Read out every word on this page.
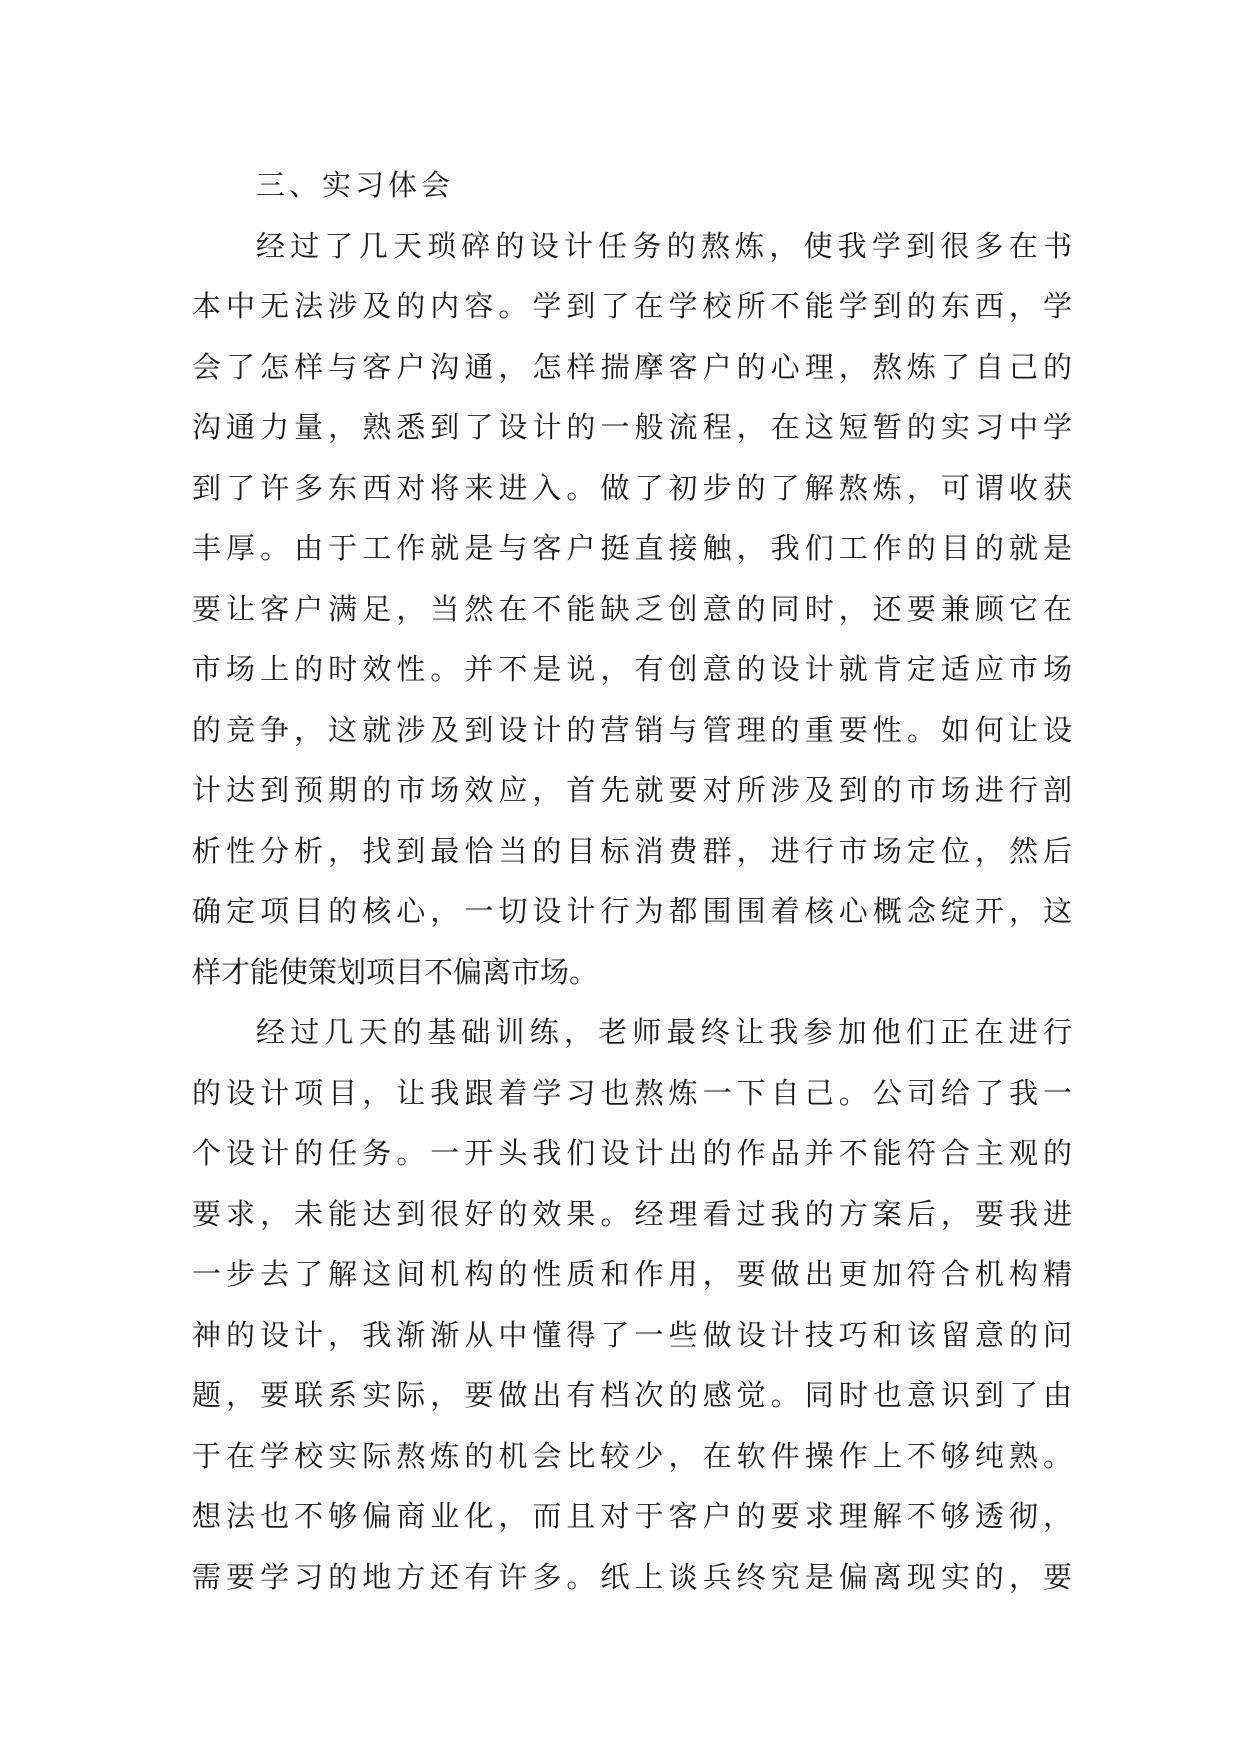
三、实习体会
经过了几天琐碎的设计任务的熬炼，使我学到很多在书
本中无法涉及的内容。学到了在学校所不能学到的东西，学
会了怎样与客户沟通，怎样揣摩客户的心理，熬炼了自己的
沟通力量，熟悉到了设计的一般流程，在这短暂的实习中学
到了许多东西对将来进入。做了初步的了解熬炼，可谓收获
丰厚。由于工作就是与客户挺直接触，我们工作的目的就是
要让客户满足，当然在不能缺乏创意的同时，还要兼顾它在
市场上的时效性。并不是说，有创意的设计就肯定适应市场
的竞争，这就涉及到设计的营销与管理的重要性。如何让设
计达到预期的市场效应，首先就要对所涉及到的市场进行剖
析性分析，找到最恰当的目标消费群，进行市场定位，然后
确定项目的核心，一切设计行为都围围着核心概念绽开，这
样才能使策划项目不偏离市场。
经过几天的基础训练，老师最终让我参加他们正在进行
的设计项目，让我跟着学习也熬炼一下自己。公司给了我一
个设计的任务。一开头我们设计出的作品并不能符合主观的
要求，未能达到很好的效果。经理看过我的方案后，要我进
一步去了解这间机构的性质和作用，要做出更加符合机构精
神的设计，我渐渐从中懂得了一些做设计技巧和该留意的问
题，要联系实际，要做出有档次的感觉。同时也意识到了由
于在学校实际熬炼的机会比较少，在软件操作上不够纯熟。
想法也不够偏商业化，而且对于客户的要求理解不够透彻，
需要学习的地方还有许多。纸上谈兵终究是偏离现实的，要
